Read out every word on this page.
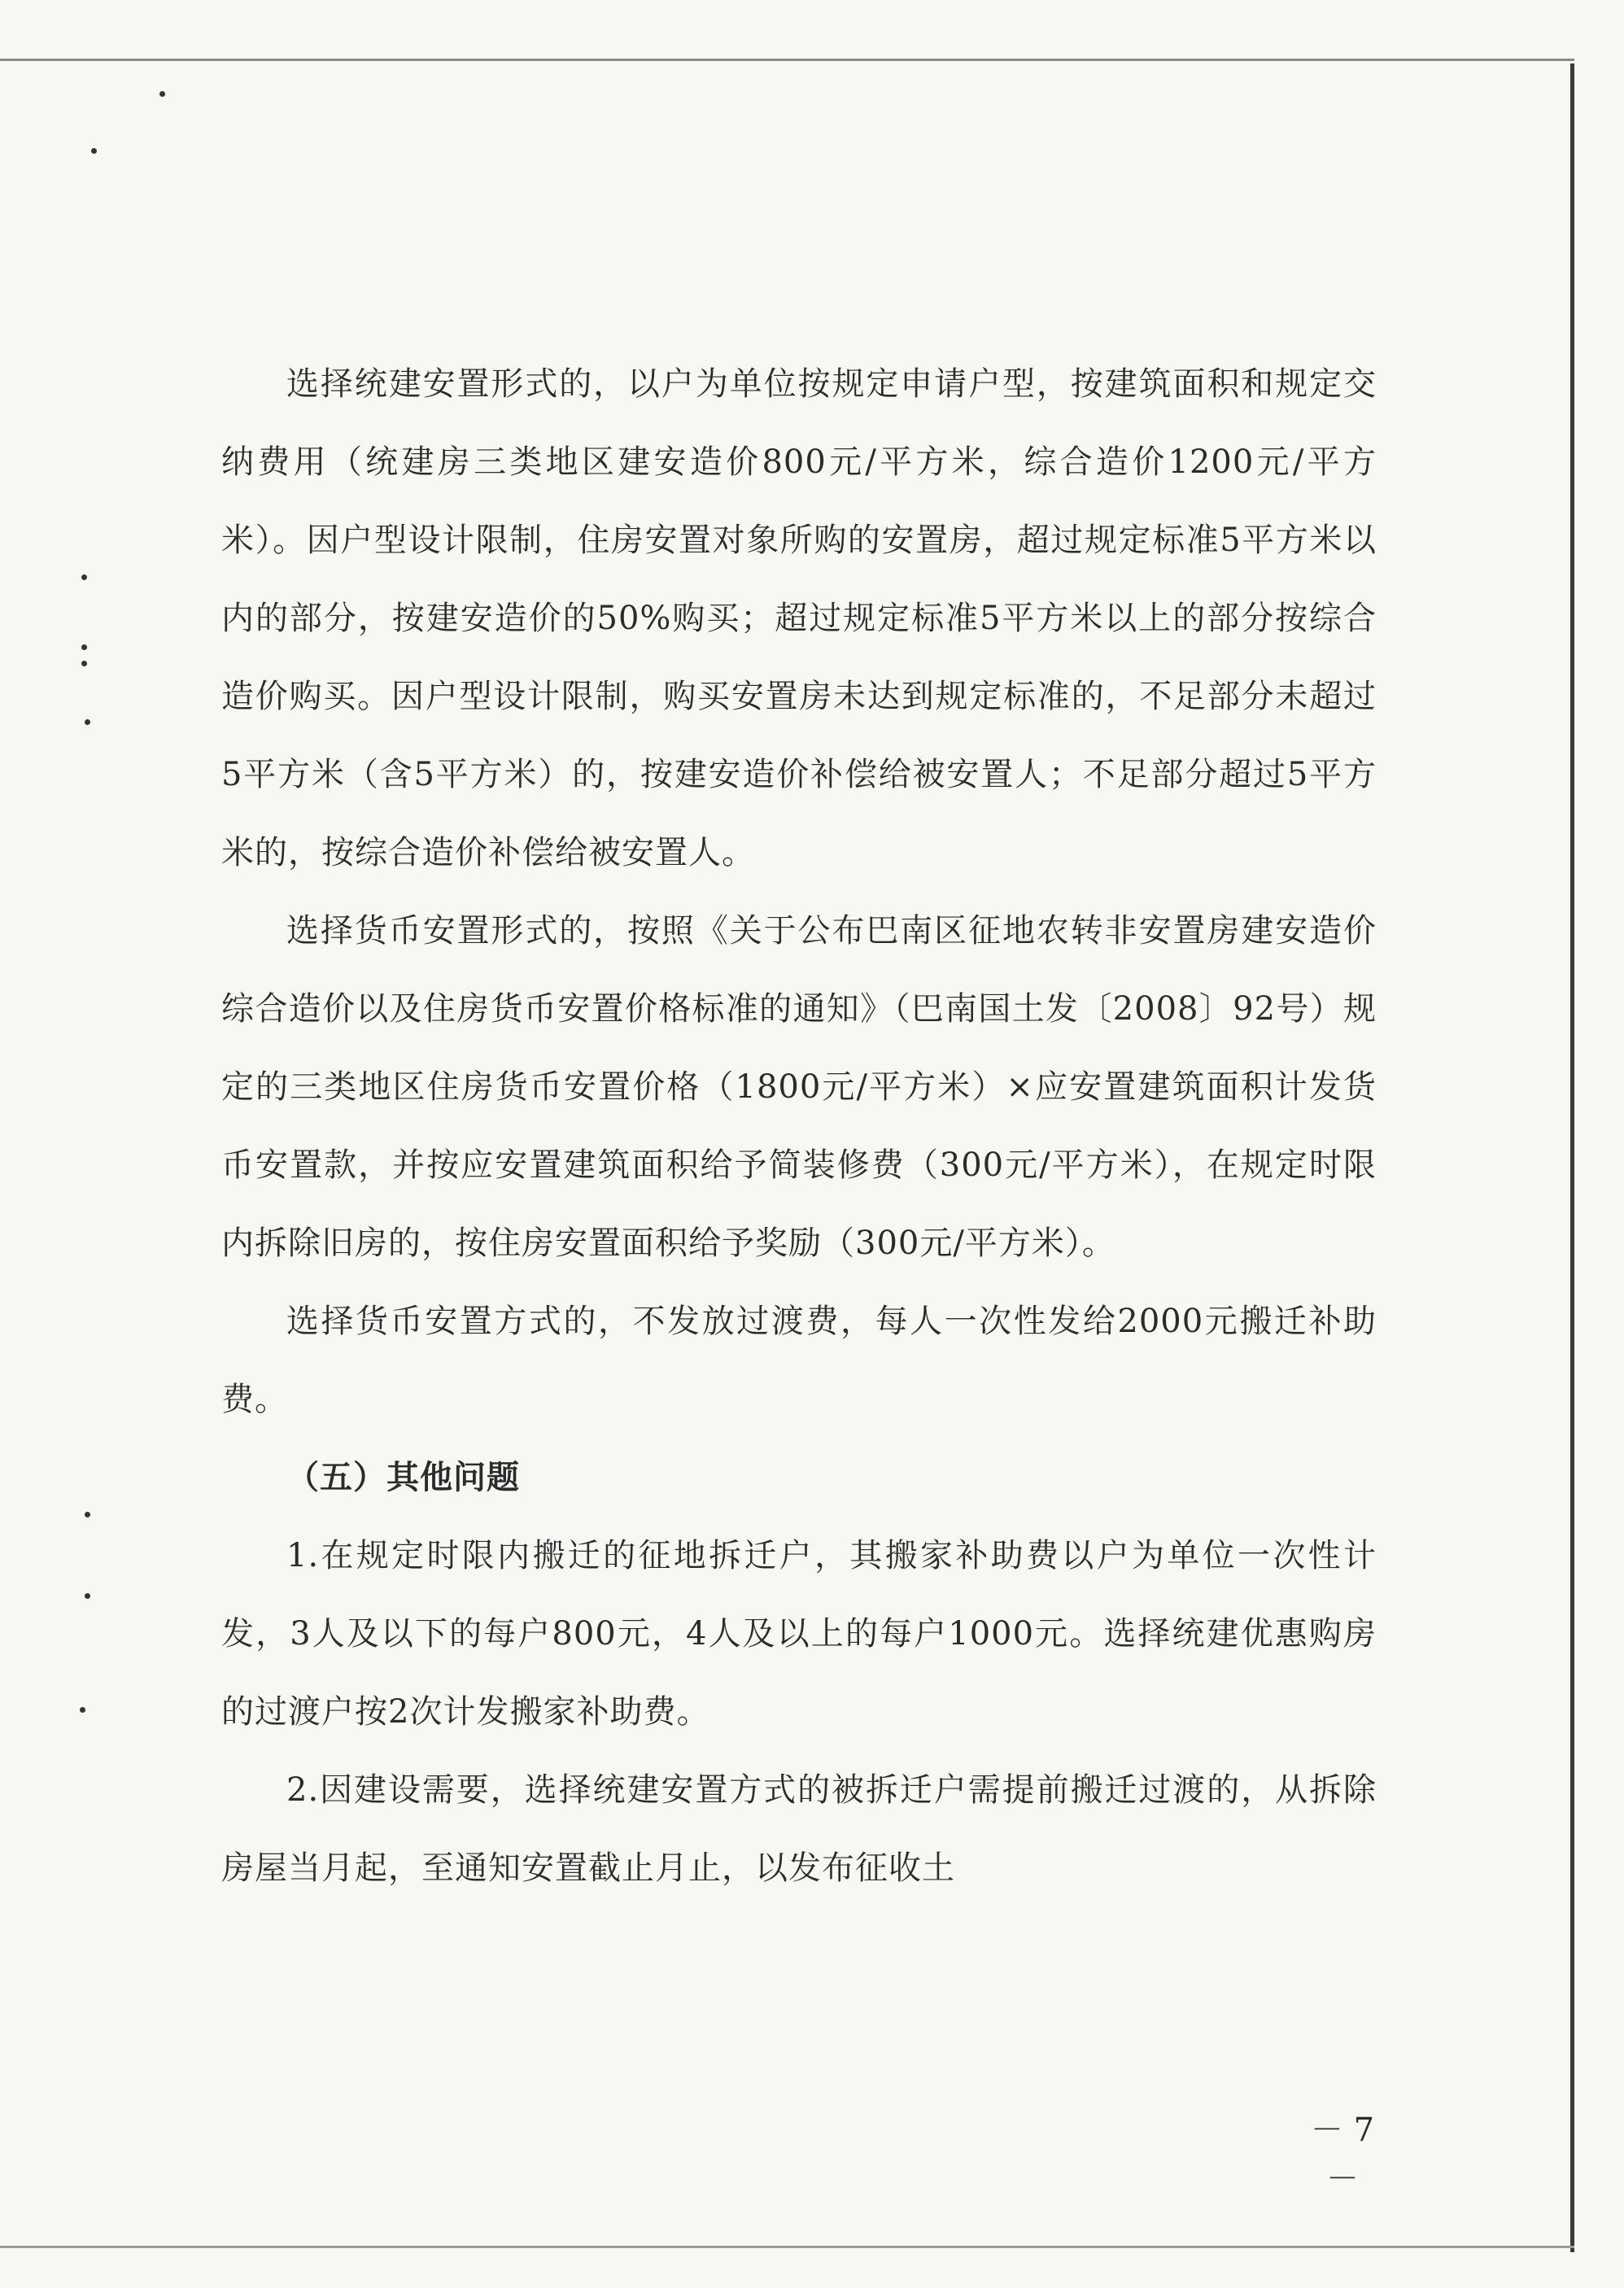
选择统建安置形式的，以户为单位按规定申请户型，按建筑面积和规定交纳费用（统建房三类地区建安造价800元/平方米，综合造价1200元/平方米）。因户型设计限制，住房安置对象所购的安置房，超过规定标准5平方米以内的部分，按建安造价的50%购买；超过规定标准5平方米以上的部分按综合造价购买。因户型设计限制，购买安置房未达到规定标准的，不足部分未超过5平方米（含5平方米）的，按建安造价补偿给被安置人；不足部分超过5平方米的，按综合造价补偿给被安置人。

选择货币安置形式的，按照《关于公布巴南区征地农转非安置房建安造价综合造价以及住房货币安置价格标准的通知》（巴南国土发〔2008〕92号）规定的三类地区住房货币安置价格（1800元/平方米）×应安置建筑面积计发货币安置款，并按应安置建筑面积给予简装修费（300元/平方米），在规定时限内拆除旧房的，按住房安置面积给予奖励（300元/平方米）。

选择货币安置方式的，不发放过渡费，每人一次性发给2000元搬迁补助费。

（五）其他问题

1.在规定时限内搬迁的征地拆迁户，其搬家补助费以户为单位一次性计发，3人及以下的每户800元，4人及以上的每户1000元。选择统建优惠购房的过渡户按2次计发搬家补助费。

2.因建设需要，选择统建安置方式的被拆迁户需提前搬迁过渡的，从拆除房屋当月起，至通知安置截止月止，以发布征收土

－ 7 －
